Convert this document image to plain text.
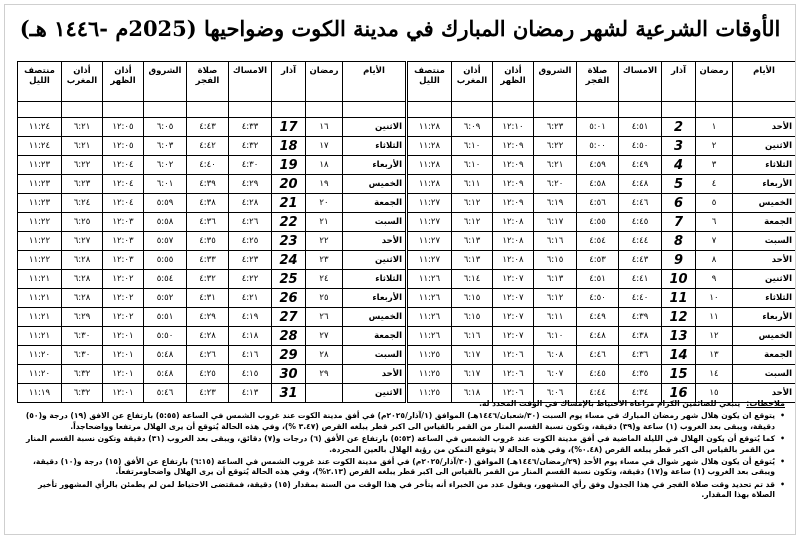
الأوقات الشرعية لشهر رمضان المبارك في مدينة الكوت وضواحيها (2025م -١٤٤٦ هـ)
الأيام	رمضان	آذار	الامساك	صلاة الفجر	الشروق	أذان الظهر	أذان المغرب	منتصف الليل

الأحد	١	2	٤:٥١	٥:٠١	٦:٢٣	١٢:١٠	٦:٠٩	١١:٢٨
الاثنين	٢	3	٤:٥٠	٥:٠٠	٦:٢٢	١٢:٠٩	٦:١٠	١١:٢٨
الثلاثاء	٣	4	٤:٤٩	٤:٥٩	٦:٢١	١٢:٠٩	٦:١٠	١١:٢٨
الأربعاء	٤	5	٤:٤٨	٤:٥٨	٦:٢٠	١٢:٠٩	٦:١١	١١:٢٨
الخميس	٥	6	٤:٤٦	٤:٥٦	٦:١٩	١٢:٠٩	٦:١٢	١١:٢٧
الجمعة	٦	7	٤:٤٥	٤:٥٥	٦:١٧	١٢:٠٨	٦:١٢	١١:٢٧
السبت	٧	8	٤:٤٤	٤:٥٤	٦:١٦	١٢:٠٨	٦:١٣	١١:٢٧
الأحد	٨	9	٤:٤٣	٤:٥٣	٦:١٥	١٢:٠٨	٦:١٣	١١:٢٧
الاثنين	٩	10	٤:٤١	٤:٥١	٦:١٣	١٢:٠٧	٦:١٤	١١:٢٦
الثلاثاء	١٠	11	٤:٤٠	٤:٥٠	٦:١٢	١٢:٠٧	٦:١٥	١١:٢٦
الأربعاء	١١	12	٤:٣٩	٤:٤٩	٦:١١	١٢:٠٧	٦:١٥	١١:٢٦
الخميس	١٢	13	٤:٣٨	٤:٤٨	٦:١٠	١٢:٠٧	٦:١٦	١١:٢٦
الجمعة	١٣	14	٤:٣٦	٤:٤٦	٦:٠٨	١٢:٠٦	٦:١٧	١١:٢٥
السبت	١٤	15	٤:٣٥	٤:٤٥	٦:٠٧	١٢:٠٦	٦:١٧	١١:٢٥
الأحد	١٥	16	٤:٣٤	٤:٤٤	٦:٠٦	١٢:٠٦	٦:١٨	١١:٢٥
الأيام	رمضان	آذار	الامساك	صلاة الفجر	الشروق	أذان الظهر	أذان المغرب	منتصف الليل

الاثنين	١٦	17	٤:٣٣	٤:٤٣	٦:٠٥	١٢:٠٥	٦:٢١	١١:٢٤
الثلاثاء	١٧	18	٤:٣٢	٤:٤٢	٦:٠٣	١٢:٠٥	٦:٢١	١١:٢٤
الأربعاء	١٨	19	٤:٣٠	٤:٤٠	٦:٠٢	١٢:٠٤	٦:٢٢	١١:٢٣
الخميس	١٩	20	٤:٢٩	٤:٣٩	٦:٠١	١٢:٠٤	٦:٢٣	١١:٢٣
الجمعة	٢٠	21	٤:٢٨	٤:٣٨	٥:٥٩	١٢:٠٤	٦:٢٤	١١:٢٣
السبت	٢١	22	٤:٢٦	٤:٣٦	٥:٥٨	١٢:٠٣	٦:٢٥	١١:٢٢
الأحد	٢٢	23	٤:٢٥	٤:٣٥	٥:٥٧	١٢:٠٣	٦:٢٧	١١:٢٢
الاثنين	٢٣	24	٤:٢٣	٤:٣٣	٥:٥٥	١٢:٠٣	٦:٢٨	١١:٢٢
الثلاثاء	٢٤	25	٤:٢٢	٤:٣٢	٥:٥٤	١٢:٠٢	٦:٢٨	١١:٢١
الأربعاء	٢٥	26	٤:٢١	٤:٣١	٥:٥٢	١٢:٠٢	٦:٢٨	١١:٢١
الخميس	٢٦	27	٤:١٩	٤:٢٩	٥:٥١	١٢:٠٢	٦:٢٩	١١:٢١
الجمعة	٢٧	28	٤:١٨	٤:٢٨	٥:٥٠	١٢:٠١	٦:٣٠	١١:٢١
السبت	٢٨	29	٤:١٦	٤:٢٦	٥:٤٨	١٢:٠١	٦:٣٠	١١:٢٠
الأحد	٢٩	30	٤:١٥	٤:٢٥	٥:٤٨	١٢:٠١	٦:٣٢	١١:٢٠
الاثنين		31	٤:١٣	٤:٢٣	٥:٤٦	١٢:٠١	٦:٣٢	١١:١٩
ملاحظات:
ينبغي للصائمين الكرام مراعاة الاحتياط بالإمساك في الوقت المحدد له.
• يتوقع ان يكون هلال شهر رمضان المبارك في مساء يوم السبت (٣٠/شعبان/١٤٤٦هـ) الموافق (١/آذار/٢٠٢٥م) في أفق مدينة الكوت عند غروب الشمس في الساعة (٥:٥٥) بارتفاع عن الافق (١٩) درجة و(٥٠) دقيقة، ويبقى بعد الغروب (١) ساعة و(٣٩) دقيقة، وتكون نسبة القسم المنار من القمر بالقياس الى اكبر قطر يبلغه القرص (٣.٤٧ %)، وفي هذه الحالة يُتوقع أن يرى الهلال مرتفعا وواضحاجداً.
• كما يُتوقع أن يكون الهلال في الليلة الماضية في أفق مدينة الكوت عند غروب الشمس في الساعة (٥:٥٣) بارتفاع عن الأفق (٦) درجات و(٧) دقائق، ويبقى بعد الغروب (٣١) دقيقة وتكون نسبة القسم المنار من القمر بالقياس الى اكبر قطر يبلغه القرص (٠.٤٨%)، وفي هذه الحالة لا يتوقع التمكن من رؤية الهلال بالعين المجردة.
• يُتوقع أن يكون هلال شهر شوال في مساء يوم الأحد (٢٩/رمضان/١٤٤٦هـ) الموافق (٣٠/آذار/٢٠٢٥م) في أفق مدينة الكوت عند غروب الشمس في الساعة (٦:١٥) بارتفاع عن الأفق (١٥) درجة و(١٠) دقيقة، ويبقى بعد الغروب (١) ساعة و(١٧) دقيقة، وتكون نسبة القسم المنار من القمر بالقياس الى اكبر قطر يبلغه القرص (٢.١٣%)، وفي هذه الحالة يُتوقع أن يرى الهلال واضحاومرتفعاً.
• قد تم تحديد وقت صلاة الفجر في هذا الجدول وفق رأي المشهور، ويقول عدد من الخبراء أنه يتأخر في هذا الوقت من السنة بمقدار (١٥) دقيقة، فمقتضى الاحتياط لمن لم يطمئن بالرأي المشهور تأخير الصلاة بهذا المقدار.
